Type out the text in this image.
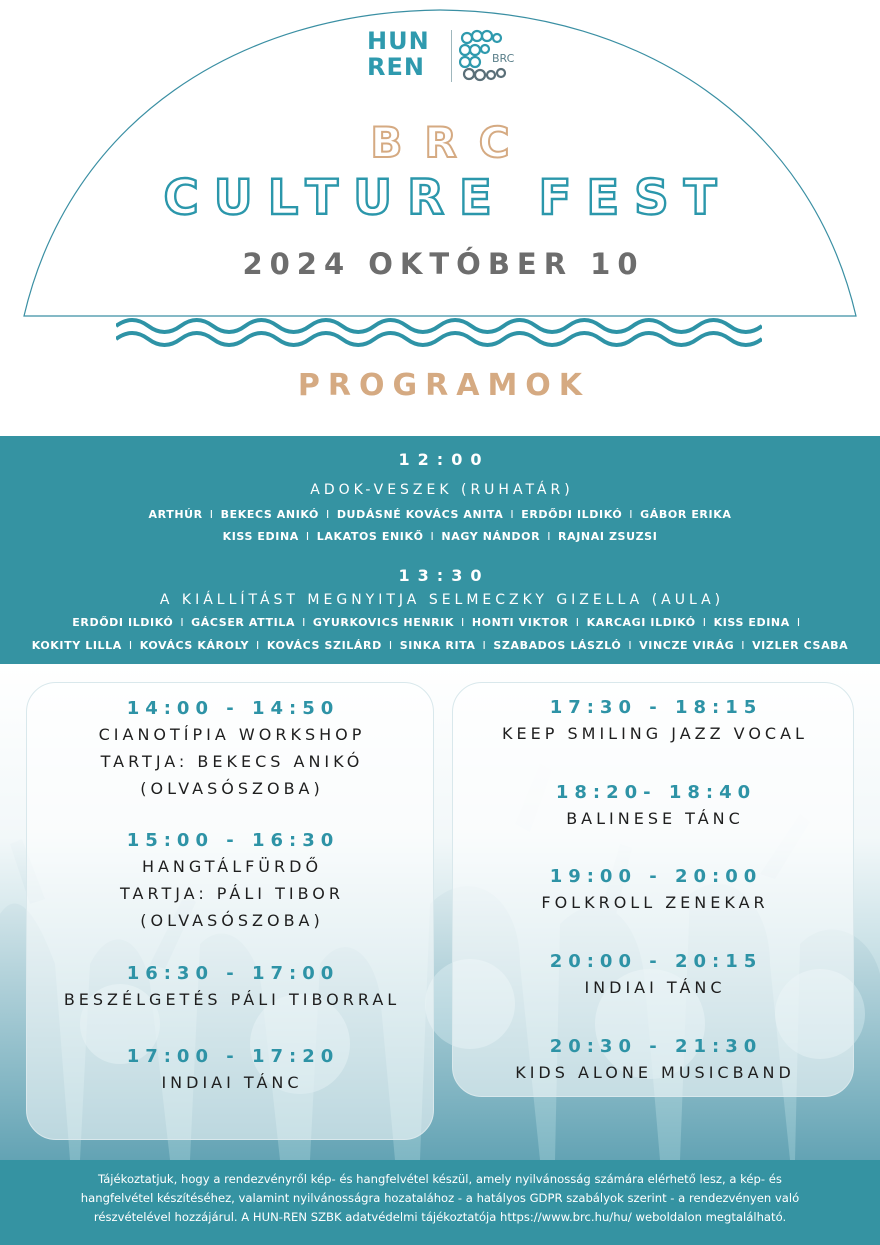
HUN
REN	BRC
BRC
CULTURE FEST
2024 OKTÓBER 10
PROGRAMOK
12:00
ADOK-VESZEK (RUHATÁR)
ARTHÚR I BEKECS ANIKÓ I DUDÁSNÉ KOVÁCS ANITA I ERDŐDI ILDIKÓ I GÁBOR ERIKA
KISS EDINA I LAKATOS ENIKŐ I NAGY NÁNDOR I RAJNAI ZSUZSI
13:30
A KIÁLLÍTÁST MEGNYITJA SELMECZKY GIZELLA (AULA)
ERDŐDI ILDIKÓ I GÁCSER ATTILA I GYURKOVICS HENRIK I HONTI VIKTOR I KARCAGI ILDIKÓ I KISS EDINA I
KOKITY LILLA I KOVÁCS KÁROLY I KOVÁCS SZILÁRD I SINKA RITA I SZABADOS LÁSZLÓ I VINCZE VIRÁG I VIZLER CSABA
14:00 - 14:50
CIANOTÍPIA WORKSHOP
TARTJA: BEKECS ANIKÓ
(OLVASÓSZOBA)
15:00 - 16:30
HANGTÁLFÜRDŐ
TARTJA: PÁLI TIBOR
(OLVASÓSZOBA)
16:30 - 17:00
BESZÉLGETÉS PÁLI TIBORRAL
17:00 - 17:20
INDIAI TÁNC
17:30 - 18:15
KEEP SMILING JAZZ VOCAL
18:20- 18:40
BALINESE TÁNC
19:00 - 20:00
FOLKROLL ZENEKAR
20:00 - 20:15
INDIAI TÁNC
20:30 - 21:30
KIDS ALONE MUSICBAND
Tájékoztatjuk, hogy a rendezvényről kép- és hangfelvétel készül, amely nyilvánosság számára elérhető lesz, a kép- és
hangfelvétel készítéséhez, valamint nyilvánosságra hozatalához - a hatályos GDPR szabályok szerint - a rendezvényen való
részvételével hozzájárul. A HUN-REN SZBK adatvédelmi tájékoztatója https://www.brc.hu/hu/ weboldalon megtalálható.
